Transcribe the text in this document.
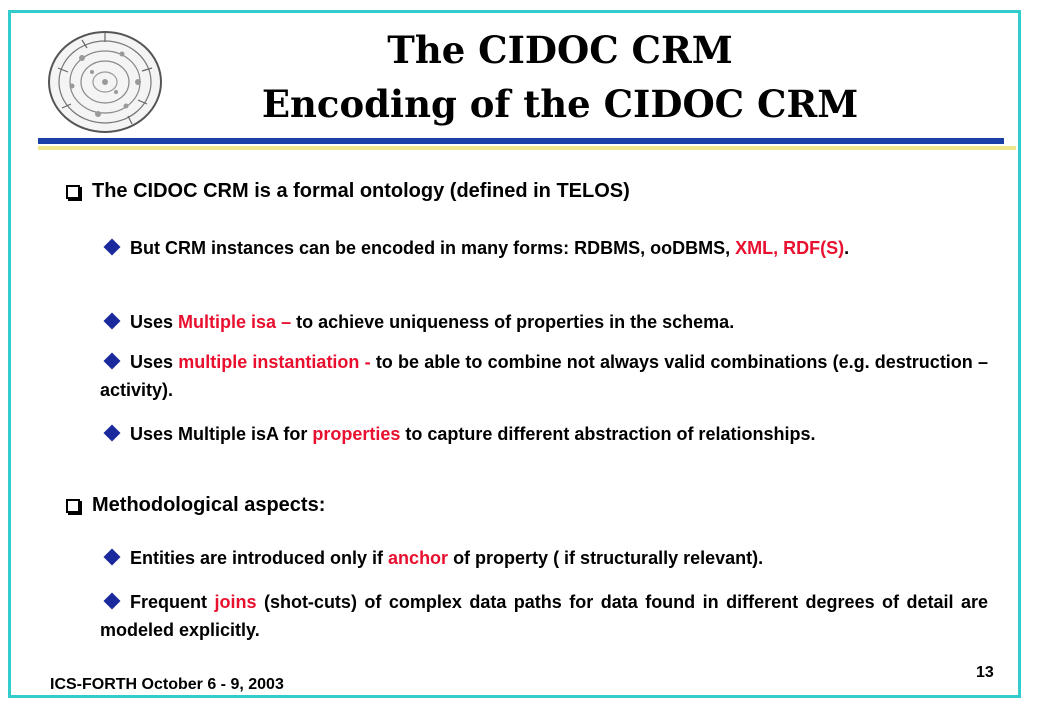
The CIDOC CRM
Encoding of the CIDOC CRM
The CIDOC CRM is a formal ontology (defined in TELOS)
But CRM instances can be encoded in many forms: RDBMS, ooDBMS, XML, RDF(S).
Uses Multiple isa – to achieve uniqueness of properties in the schema.
Uses multiple instantiation - to be able to combine not always valid combinations (e.g. destruction – activity).
Uses Multiple isA for properties to capture different abstraction of relationships.
Methodological aspects:
Entities are introduced only if anchor of property ( if structurally relevant).
Frequent joins (shot-cuts) of complex data paths for data found in different degrees of detail are modeled explicitly.
13
ICS-FORTH October 6 - 9, 2003
